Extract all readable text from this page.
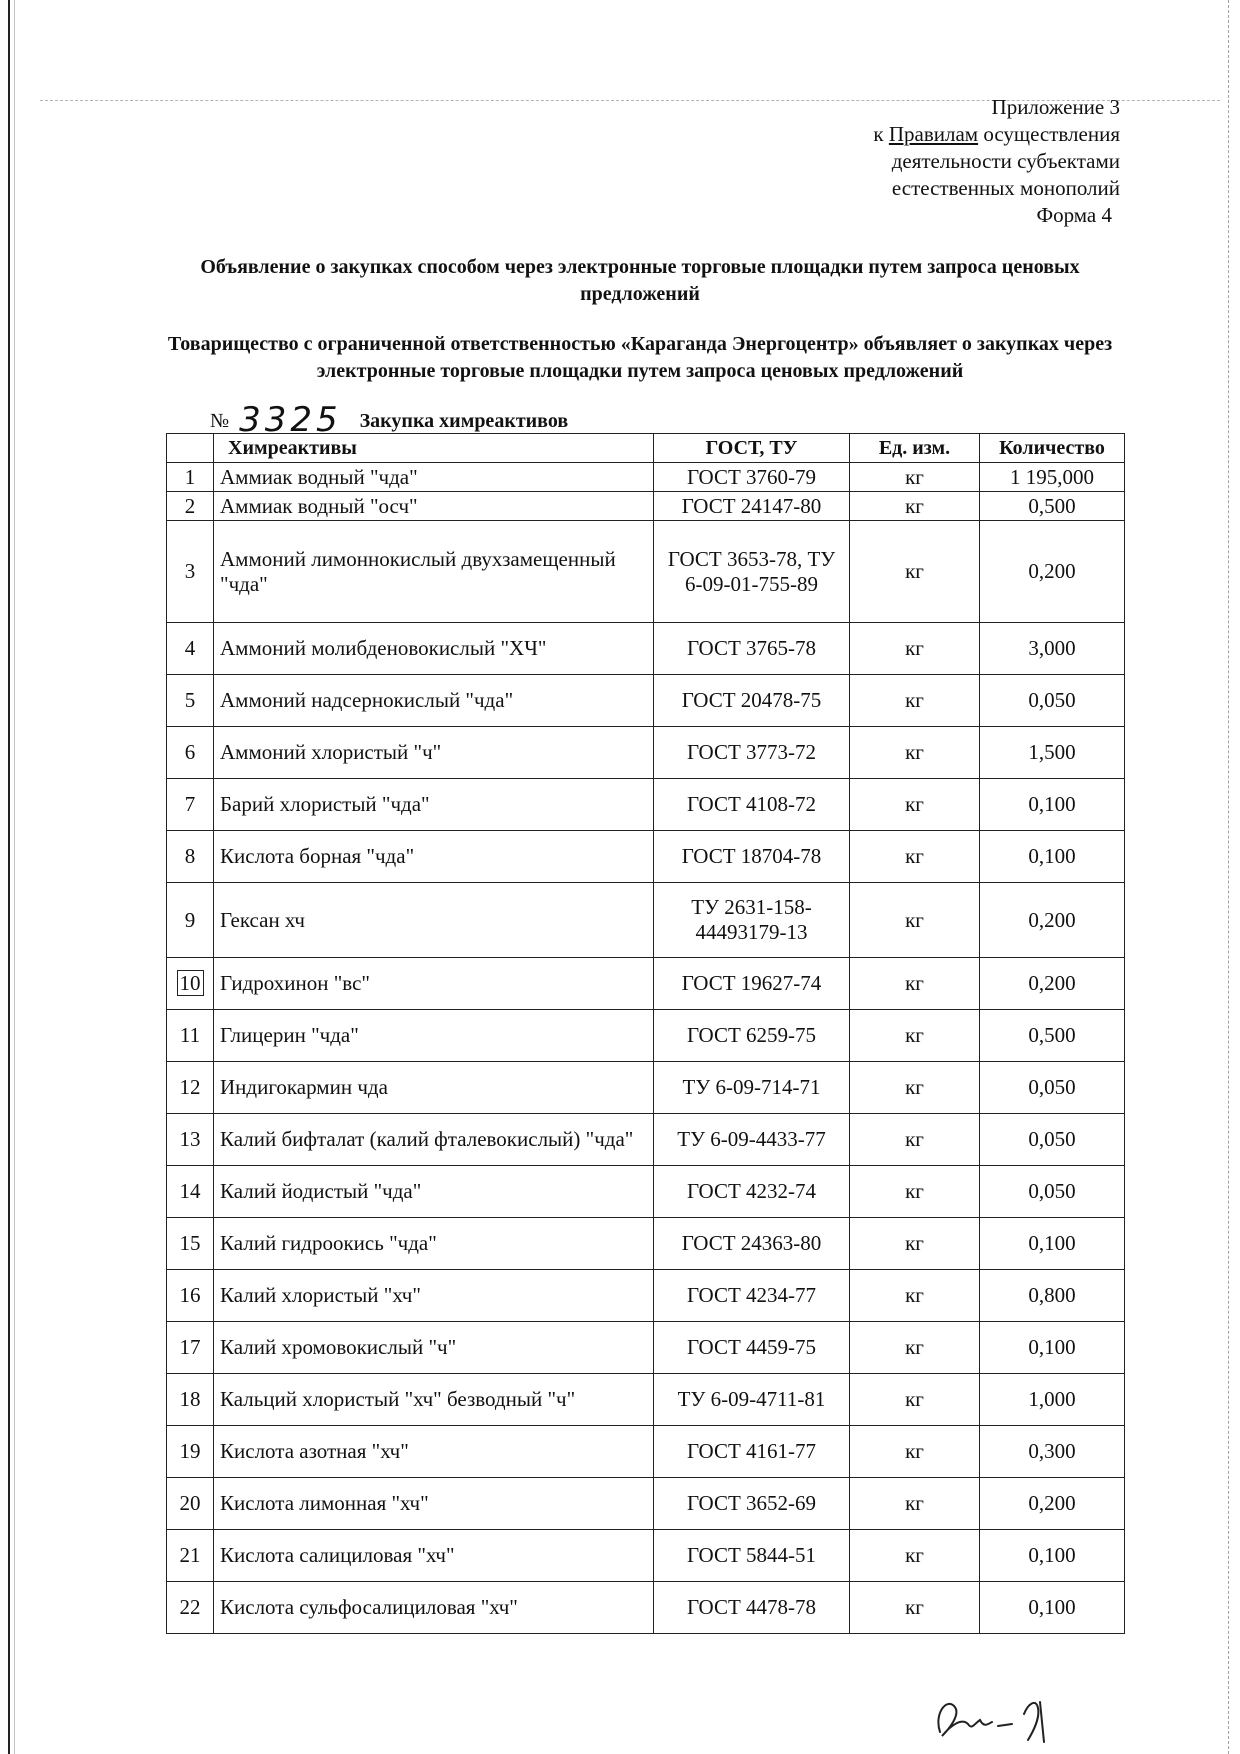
Приложение 3
к Правилам осуществления
деятельности субъектами
естественных монополий
Форма 4
Объявление о закупках способом через электронные торговые площадки путем запроса ценовых предложений
Товарищество с ограниченной ответственностью «Караганда Энергоцентр» объявляет о закупках через электронные торговые площадки путем запроса ценовых предложений
№ 3325 Закупка химреактивов
	Химреактивы	ГОСТ, ТУ	Ед. изм.	Количество
1	Аммиак водный "чда"	ГОСТ 3760-79	кг	1 195,000
2	Аммиак водный "осч"	ГОСТ 24147-80	кг	0,500
3	Аммоний лимоннокислый двухзамещенный "чда"	ГОСТ 3653-78, ТУ 6-09-01-755-89	кг	0,200
4	Аммоний молибденовокислый "ХЧ"	ГОСТ 3765-78	кг	3,000
5	Аммоний надсернокислый "чда"	ГОСТ 20478-75	кг	0,050
6	Аммоний хлористый "ч"	ГОСТ 3773-72	кг	1,500
7	Барий хлористый "чда"	ГОСТ 4108-72	кг	0,100
8	Кислота борная "чда"	ГОСТ 18704-78	кг	0,100
9	Гексан хч	ТУ 2631-158-44493179-13	кг	0,200
10	Гидрохинон "вс"	ГОСТ 19627-74	кг	0,200
11	Глицерин "чда"	ГОСТ 6259-75	кг	0,500
12	Индигокармин чда	ТУ 6-09-714-71	кг	0,050
13	Калий бифталат (калий фталевокислый) "чда"	ТУ 6-09-4433-77	кг	0,050
14	Калий йодистый "чда"	ГОСТ 4232-74	кг	0,050
15	Калий гидроокись "чда"	ГОСТ 24363-80	кг	0,100
16	Калий хлористый "хч"	ГОСТ 4234-77	кг	0,800
17	Калий хромовокислый "ч"	ГОСТ 4459-75	кг	0,100
18	Кальций хлористый "хч" безводный "ч"	ТУ 6-09-4711-81	кг	1,000
19	Кислота азотная "хч"	ГОСТ 4161-77	кг	0,300
20	Кислота лимонная "хч"	ГОСТ 3652-69	кг	0,200
21	Кислота салициловая "хч"	ГОСТ 5844-51	кг	0,100
22	Кислота сульфосалициловая "хч"	ГОСТ 4478-78	кг	0,100
